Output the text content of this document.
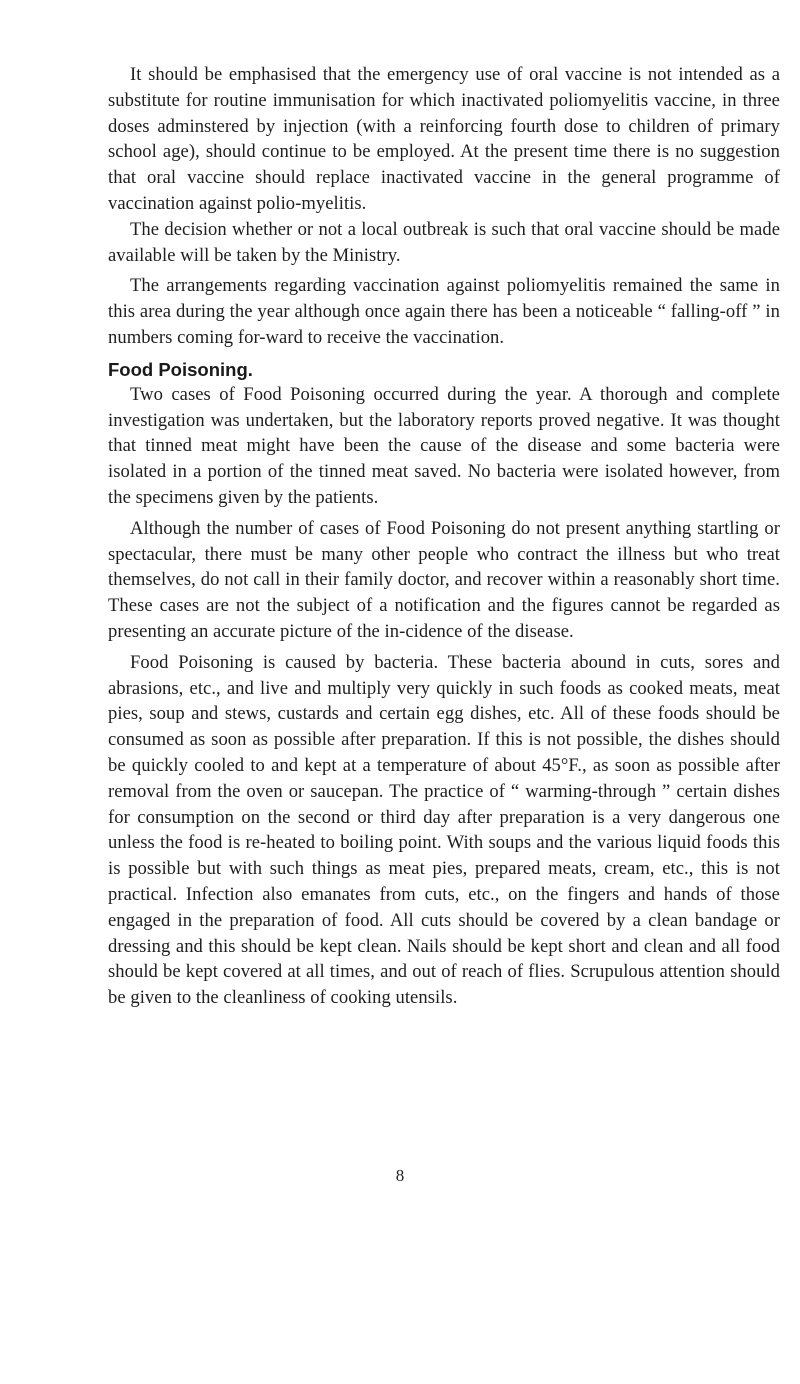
It should be emphasised that the emergency use of oral vaccine is not intended as a substitute for routine immunisation for which inactivated poliomyelitis vaccine, in three doses adminstered by injection (with a reinforcing fourth dose to children of primary school age), should continue to be employed. At the present time there is no suggestion that oral vaccine should replace inactivated vaccine in the general programme of vaccination against polio-myelitis.

The decision whether or not a local outbreak is such that oral vaccine should be made available will be taken by the Ministry.

The arrangements regarding vaccination against poliomyelitis remained the same in this area during the year although once again there has been a noticeable “ falling-off ” in numbers coming for-ward to receive the vaccination.

Food Poisoning.

Two cases of Food Poisoning occurred during the year. A thorough and complete investigation was undertaken, but the laboratory reports proved negative. It was thought that tinned meat might have been the cause of the disease and some bacteria were isolated in a portion of the tinned meat saved. No bacteria were isolated however, from the specimens given by the patients.

Although the number of cases of Food Poisoning do not present anything startling or spectacular, there must be many other people who contract the illness but who treat themselves, do not call in their family doctor, and recover within a reasonably short time. These cases are not the subject of a notification and the figures cannot be regarded as presenting an accurate picture of the in-cidence of the disease.

Food Poisoning is caused by bacteria. These bacteria abound in cuts, sores and abrasions, etc., and live and multiply very quickly in such foods as cooked meats, meat pies, soup and stews, custards and certain egg dishes, etc. All of these foods should be consumed as soon as possible after preparation. If this is not possible, the dishes should be quickly cooled to and kept at a temperature of about 45°F., as soon as possible after removal from the oven or saucepan. The practice of “ warming-through ” certain dishes for consumption on the second or third day after preparation is a very dangerous one unless the food is re-heated to boiling point. With soups and the various liquid foods this is possible but with such things as meat pies, prepared meats, cream, etc., this is not practical. Infection also emanates from cuts, etc., on the fingers and hands of those engaged in the preparation of food. All cuts should be covered by a clean bandage or dressing and this should be kept clean. Nails should be kept short and clean and all food should be kept covered at all times, and out of reach of flies. Scrupulous attention should be given to the cleanliness of cooking utensils.

8
